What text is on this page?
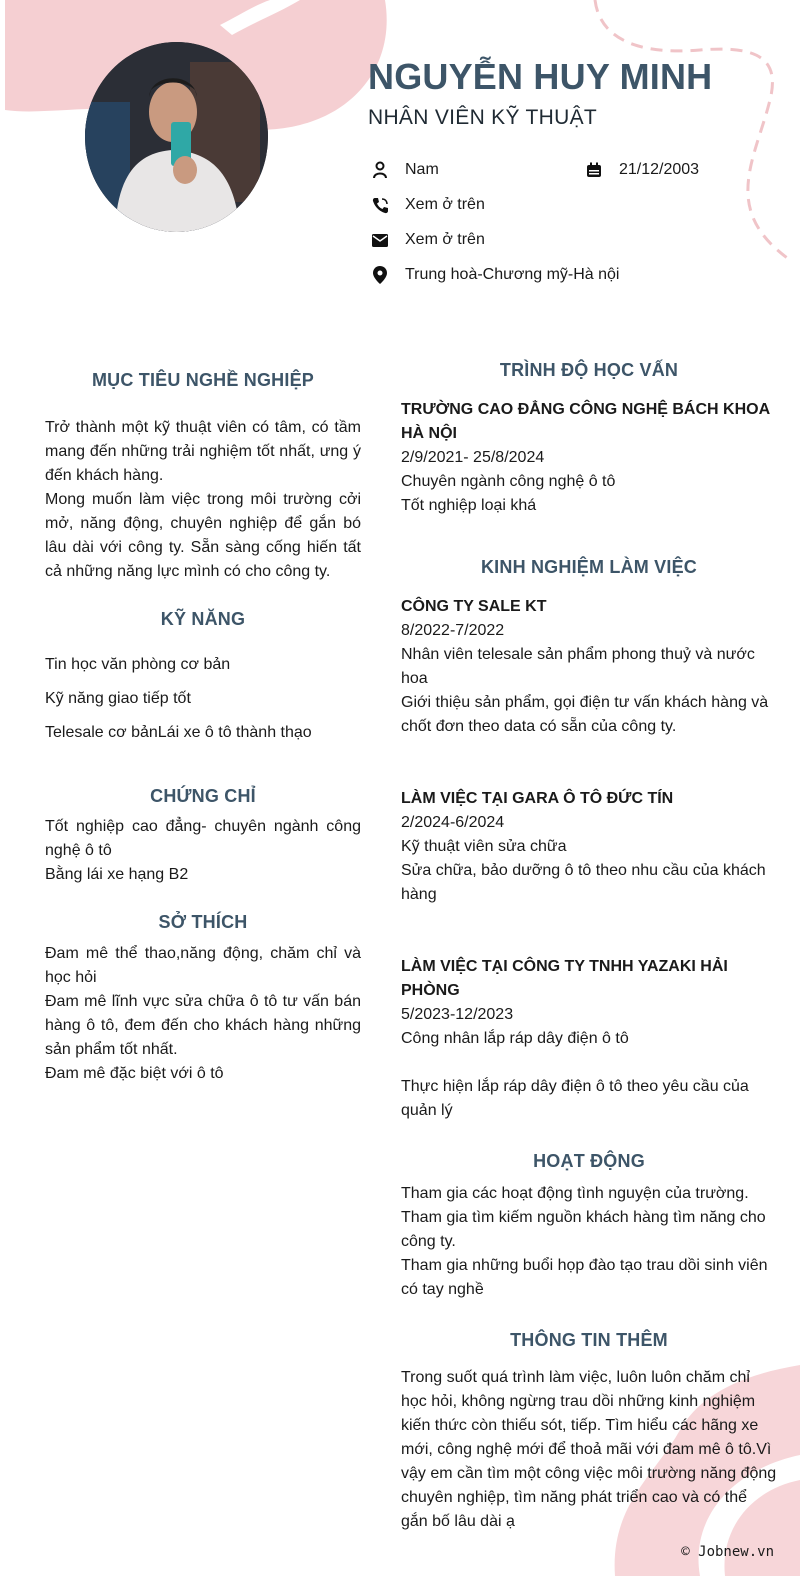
NGUYỄN HUY MINH
NHÂN VIÊN KỸ THUẬT
Nam	21/12/2003
Xem ở trên
Xem ở trên
Trung hoà-Chương mỹ-Hà nội
MỤC TIÊU NGHỀ NGHIỆP

Trở thành một kỹ thuật viên có tâm, có tầm mang đến những trải nghiệm tốt nhất, ưng ý đến khách hàng.

Mong muốn làm việc trong môi trường cởi mở, năng động, chuyên nghiệp để gắn bó lâu dài với công ty. Sẵn sàng cống hiến tất cả những năng lực mình có cho công ty.

KỸ NĂNG
Tin học văn phòng cơ bản
Kỹ năng giao tiếp tốt
Telesale cơ bảnLái xe ô tô thành thạo
CHỨNG CHỈ

Tốt nghiệp cao đẳng- chuyên ngành công nghệ ô tô

Bằng lái xe hạng B2

SỞ THÍCH

Đam mê thể thao,năng động, chăm chỉ và học hỏi

Đam mê lĩnh vực sửa chữa ô tô tư vấn bán hàng ô tô, đem đến cho khách hàng những sản phẩm tốt nhất.

Đam mê đặc biệt với ô tô

TRÌNH ĐỘ HỌC VẤN

TRƯỜNG CAO ĐẲNG CÔNG NGHỆ BÁCH KHOA HÀ NỘI

2/9/2021- 25/8/2024

Chuyên ngành công nghệ ô tô

Tốt nghiệp loại khá

KINH NGHIỆM LÀM VIỆC

CÔNG TY SALE KT

8/2022-7/2022

Nhân viên telesale sản phẩm phong thuỷ và nước hoa

Giới thiệu sản phẩm, gọi điện tư vấn khách hàng và chốt đơn theo data có sẵn của công ty.

LÀM VIỆC TẠI GARA Ô TÔ ĐỨC TÍN

2/2024-6/2024

Kỹ thuật viên sửa chữa

Sửa chữa, bảo dưỡng ô tô theo nhu cầu của khách hàng

LÀM VIỆC TẠI CÔNG TY TNHH YAZAKI HẢI PHÒNG

5/2023-12/2023

Công nhân lắp ráp dây điện ô tô

Thực hiện lắp ráp dây điện ô tô theo yêu cầu của quản lý

HOẠT ĐỘNG

Tham gia các hoạt động tình nguyện của trường.

Tham gia tìm kiếm nguồn khách hàng tìm năng cho công ty.

Tham gia những buổi họp đào tạo trau dồi sinh viên có tay nghề

THÔNG TIN THÊM
Trong suốt quá trình làm việc, luôn luôn chăm chỉ học hỏi, không ngừng trau dồi những kinh nghiệm kiến thức còn thiếu sót, tiếp. Tìm hiểu các hãng xe mới, công nghệ mới để thoả mãi với đam mê ô tô.Vì vậy em cần tìm một công việc môi trường năng động chuyên nghiệp, tìm năng phát triển cao và có thể gắn bố lâu dài ạ
© Jobnew.vn
